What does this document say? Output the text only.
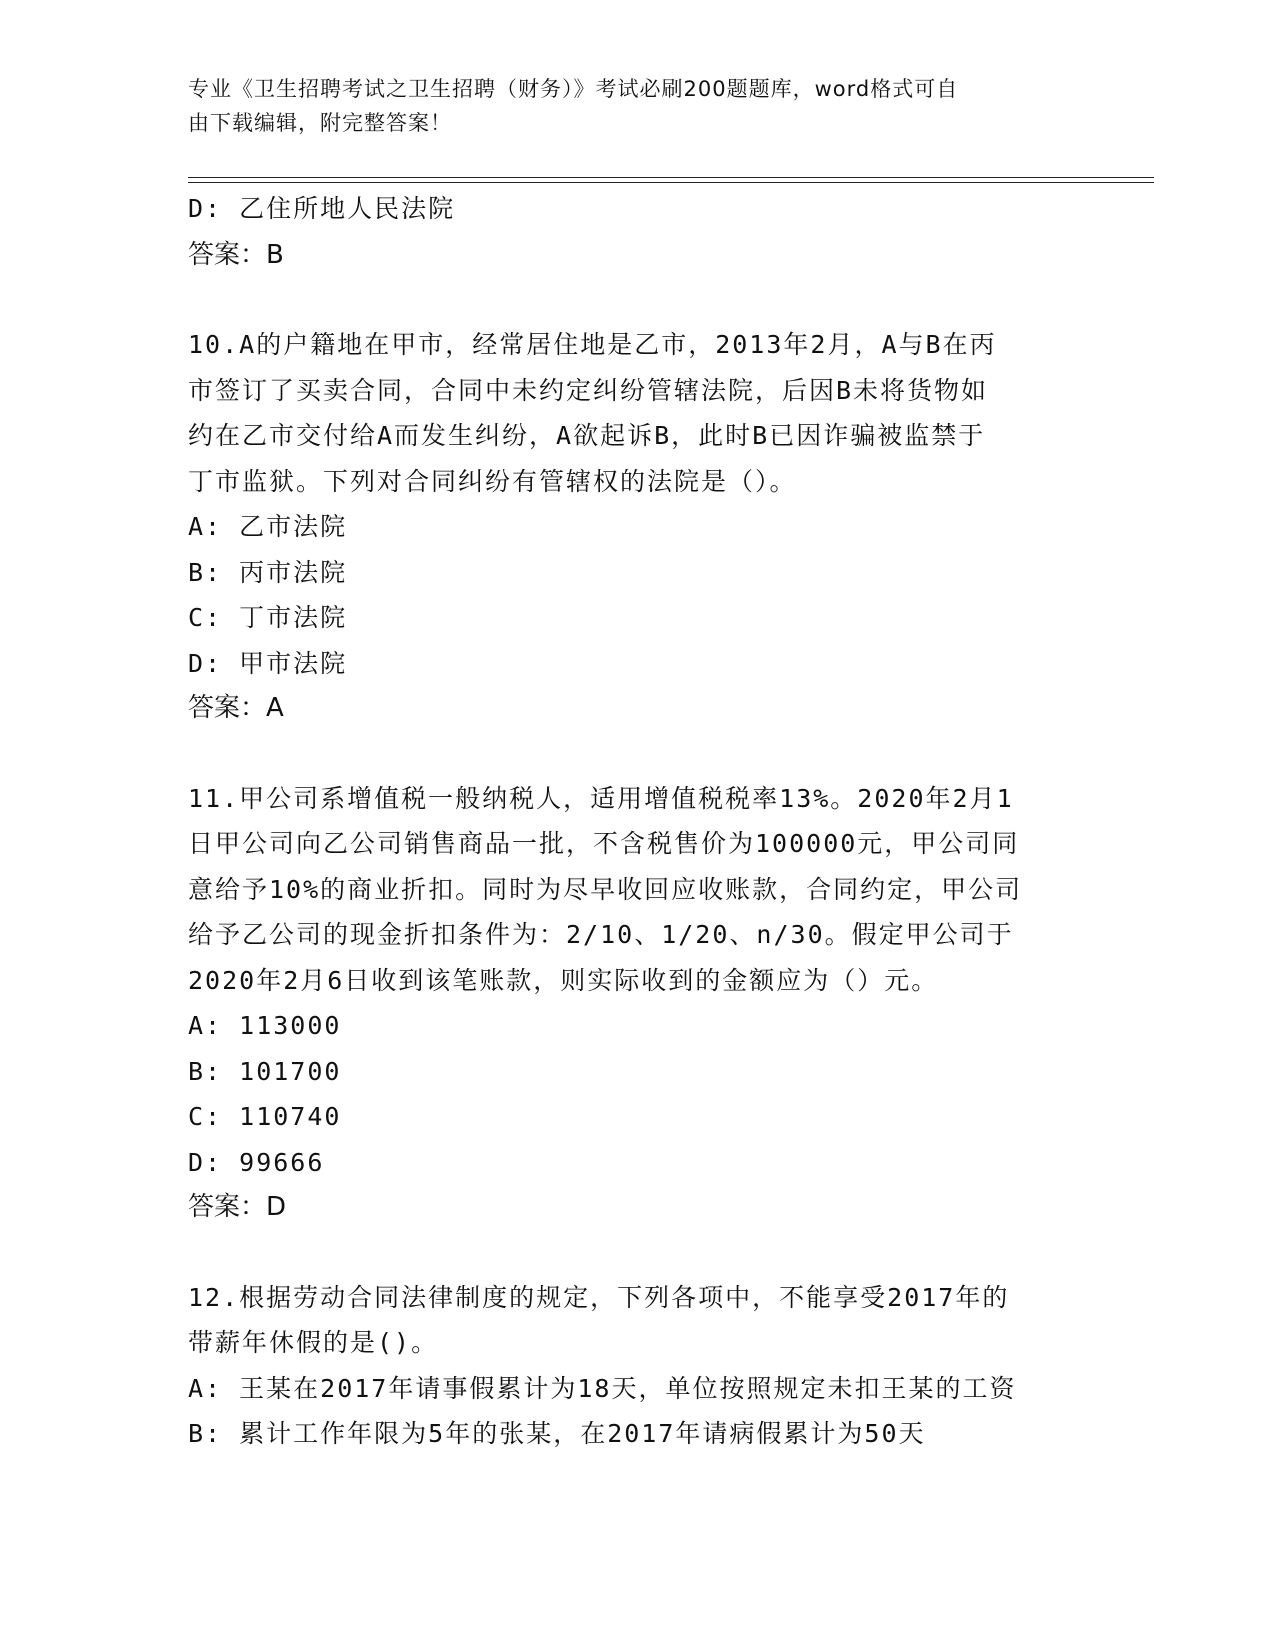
专业《卫生招聘考试之卫生招聘（财务）》考试必刷200题题库，word格式可自
由下载编辑，附完整答案！
D: 乙住所地人民法院
答案：B
10.A的户籍地在甲市，经常居住地是乙市，2013年2月，A与B在丙
市签订了买卖合同，合同中未约定纠纷管辖法院，后因B未将货物如
约在乙市交付给A而发生纠纷，A欲起诉B，此时B已因诈骗被监禁于
丁市监狱。下列对合同纠纷有管辖权的法院是（）。
A: 乙市法院
B: 丙市法院
C: 丁市法院
D: 甲市法院
答案：A
11.甲公司系增值税一般纳税人，适用增值税税率13%。2020年2月1
日甲公司向乙公司销售商品一批，不含税售价为100000元，甲公司同
意给予10%的商业折扣。同时为尽早收回应收账款，合同约定，甲公司
给予乙公司的现金折扣条件为：2/10、1/20、n/30。假定甲公司于
2020年2月6日收到该笔账款，则实际收到的金额应为（）元。
A: 113000
B: 101700
C: 110740
D: 99666
答案：D
12.根据劳动合同法律制度的规定，下列各项中，不能享受2017年的
带薪年休假的是()。
A: 王某在2017年请事假累计为18天，单位按照规定未扣王某的工资
B: 累计工作年限为5年的张某，在2017年请病假累计为50天
